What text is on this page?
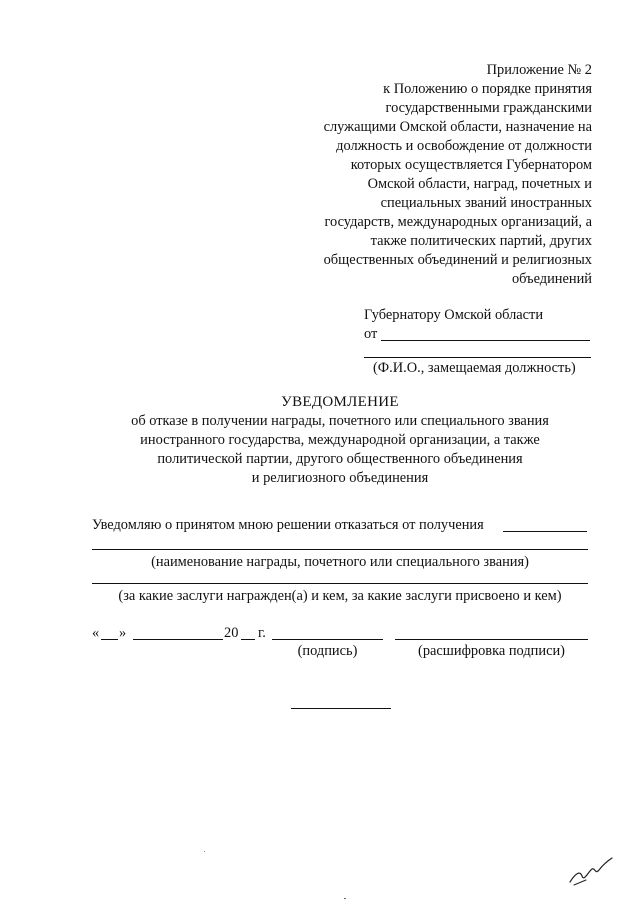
Приложение № 2
к Положению о порядке принятия
государственными гражданскими
служащими Омской области, назначение на
должность и освобождение от должности
которых осуществляется Губернатором
Омской области, наград, почетных и
специальных званий иностранных
государств, международных организаций, а
также политических партий, других
общественных объединений и религиозных
объединений
Губернатору Омской области
от
(Ф.И.О., замещаемая должность)
УВЕДОМЛЕНИЕ
об отказе в получении награды, почетного или специального звания
иностранного государства, международной организации, а также
политической партии, другого общественного объединения
и религиозного объединения
Уведомляю о принятом мною решении отказаться от получения
(наименование награды, почетного или специального звания)
(за какие заслуги награжден(а) и кем, за какие заслуги присвоено и кем)
« »	20 г.
(подпись)	(расшифровка подписи)
